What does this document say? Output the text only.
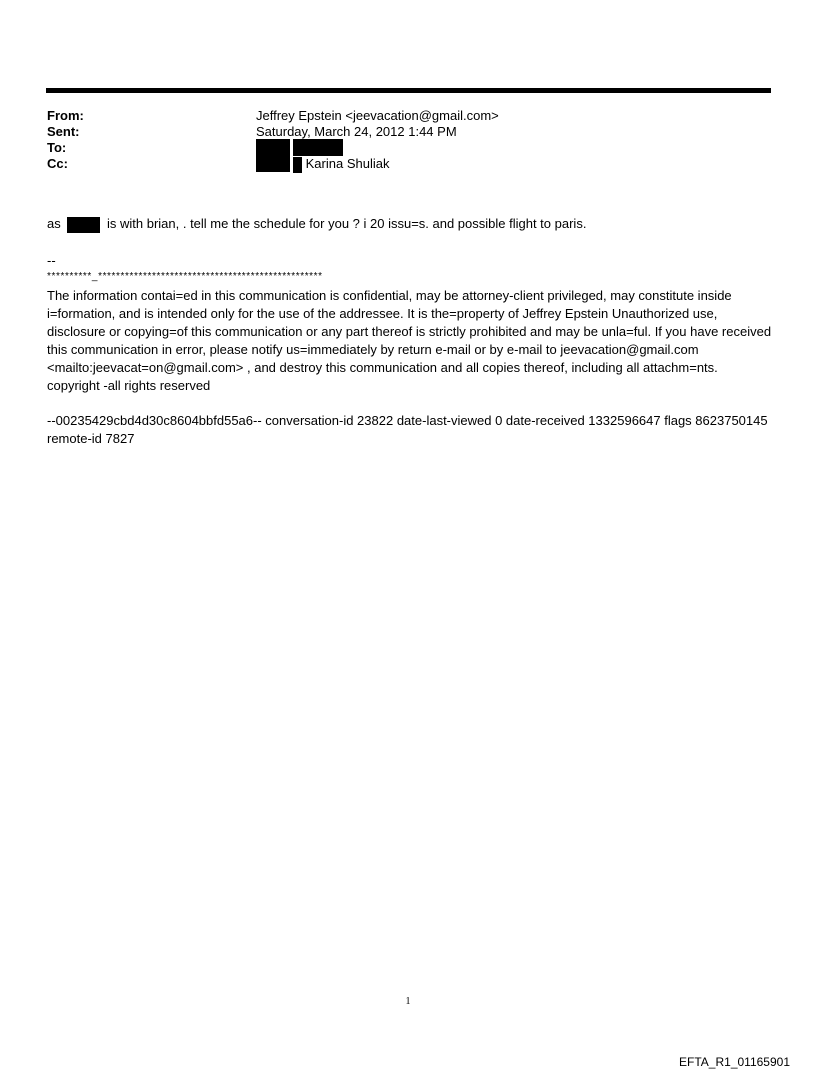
From:	Jeffrey Epstein <jeevacation@gmail.com>
Sent:	Saturday, March 24, 2012 1:44 PM
To:
Cc:	Karina Shuliak
as	is with brian, . tell me the schedule for you ? i 20 issu=s. and possible flight to paris.
--
**********_**************************************************
The information contai=ed in this communication is confidential, may be attorney-client privileged, may constitute inside i=formation, and is intended only for the use of the addressee. It is the=property of Jeffrey Epstein Unauthorized use, disclosure or copying=of this communication or any part thereof is strictly prohibited and may be unla=ful. If you have received this communication in error, please notify us=immediately by return e-mail or by e-mail to jeevacation@gmail.com <mailto:jeevacat=on@gmail.com> , and destroy this communication and all copies thereof, including all attachm=nts. copyright -all rights reserved
--00235429cbd4d30c8604bbfd55a6-- conversation-id 23822 date-last-viewed 0 date-received 1332596647 flags 8623750145 remote-id 7827
1
EFTA_R1_01165901
